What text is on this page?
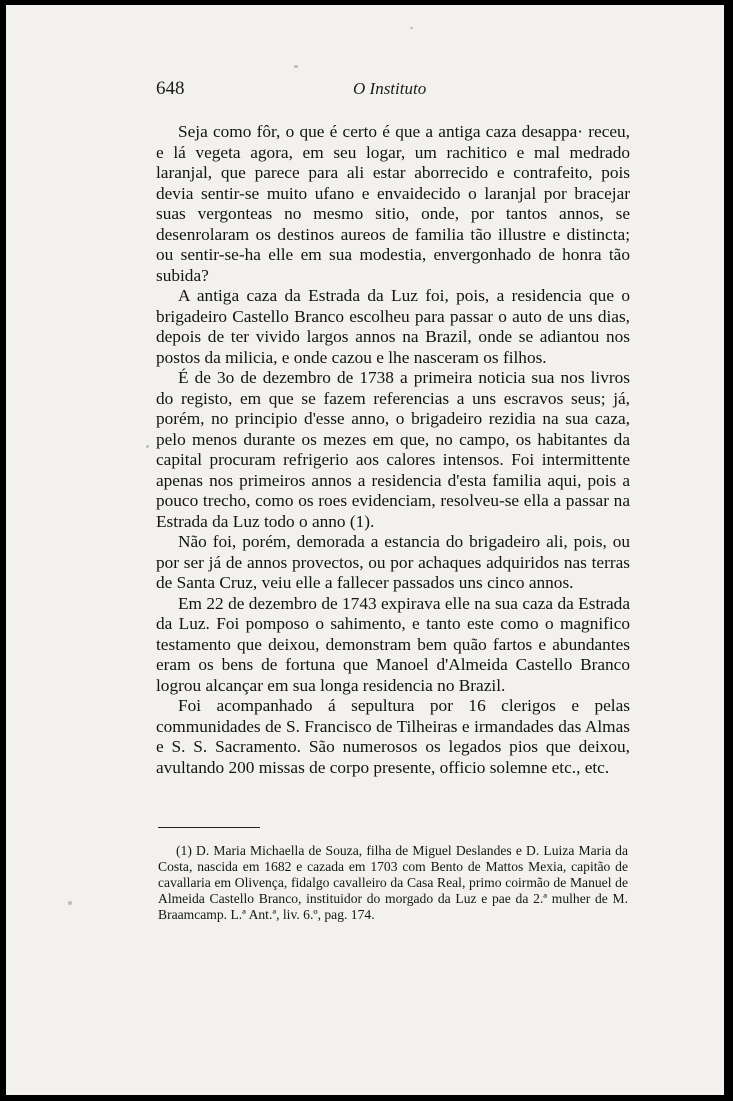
648	O Instituto

Seja como fôr, o que é certo é que a antiga caza desappa· receu, e lá vegeta agora, em seu logar, um rachitico e mal medrado laranjal, que parece para ali estar aborrecido e contrafeito, pois devia sentir-se muito ufano e envaidecido o laranjal por bracejar suas vergonteas no mesmo sitio, onde, por tantos annos, se desenrolaram os destinos aureos de familia tão illustre e distincta; ou sentir-se-ha elle em sua modestia, envergonhado de honra tão subida?

A antiga caza da Estrada da Luz foi, pois, a residencia que o brigadeiro Castello Branco escolheu para passar o auto de uns dias, depois de ter vivido largos annos na Brazil, onde se adiantou nos postos da milicia, e onde cazou e lhe nasceram os filhos.

É de 3o de dezembro de 1738 a primeira noticia sua nos livros do registo, em que se fazem referencias a uns escravos seus; já, porém, no principio d'esse anno, o brigadeiro rezidia na sua caza, pelo menos durante os mezes em que, no campo, os habitantes da capital procuram refrigerio aos calores intensos. Foi intermittente apenas nos primeiros annos a residencia d'esta familia aqui, pois a pouco trecho, como os roes evidenciam, resolveu-se ella a passar na Estrada da Luz todo o anno (1).

Não foi, porém, demorada a estancia do brigadeiro ali, pois, ou por ser já de annos provectos, ou por achaques adquiridos nas terras de Santa Cruz, veiu elle a fallecer passados uns cinco annos.

Em 22 de dezembro de 1743 expirava elle na sua caza da Estrada da Luz. Foi pomposo o sahimento, e tanto este como o magnifico testamento que deixou, demonstram bem quão fartos e abundantes eram os bens de fortuna que Manoel d'Almeida Castello Branco logrou alcançar em sua longa residencia no Brazil.

Foi acompanhado á sepultura por 16 clerigos e pelas communidades de S. Francisco de Tilheiras e irmandades das Almas e S. S. Sacramento. São numerosos os legados pios que deixou, avultando 200 missas de corpo presente, officio solemne etc., etc.

(1) D. Maria Michaella de Souza, filha de Miguel Deslandes e D. Luiza Maria da Costa, nascida em 1682 e cazada em 1703 com Bento de Mattos Mexia, capitão de cavallaria em Olivença, fidalgo cavalleiro da Casa Real, primo coirmão de Manuel de Almeida Castello Branco, instituidor do morgado da Luz e pae da 2.ª mulher de M. Braamcamp. L.ª Ant.ª, liv. 6.º, pag. 174.
